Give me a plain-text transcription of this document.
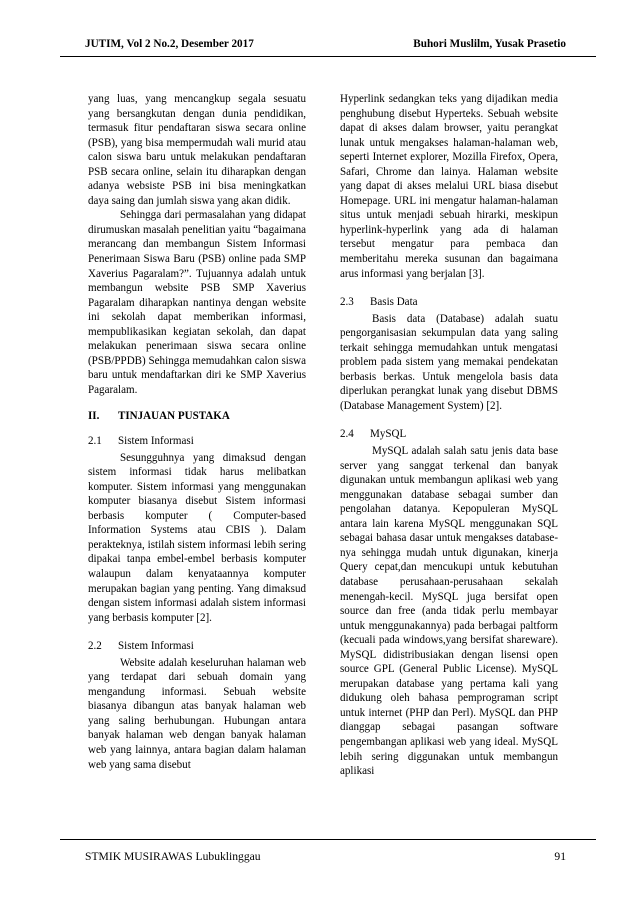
JUTIM, Vol 2 No.2, Desember 2017	Buhori Muslilm, Yusak Prasetio

yang luas, yang mencangkup segala sesuatu yang bersangkutan dengan dunia pendidikan, termasuk fitur pendaftaran siswa secara online (PSB), yang bisa mempermudah wali murid atau calon siswa baru untuk melakukan pendaftaran PSB secara online, selain itu diharapkan dengan adanya websiste PSB ini bisa meningkatkan daya saing dan jumlah siswa yang akan didik.

Sehingga dari permasalahan yang didapat dirumuskan masalah penelitian yaitu “bagaimana merancang dan membangun Sistem Informasi Penerimaan Siswa Baru (PSB) online pada SMP Xaverius Pagaralam?”. Tujuannya adalah untuk membangun website PSB SMP Xaverius Pagaralam diharapkan nantinya dengan website ini sekolah dapat memberikan informasi, mempublikasikan kegiatan sekolah, dan dapat melakukan penerimaan siswa secara online (PSB/PPDB) Sehingga memudahkan calon siswa baru untuk mendaftarkan diri ke SMP Xaverius Pagaralam.

II.	TINJAUAN PUSTAKA
2.1	Sistem Informasi

Sesungguhnya yang dimaksud dengan sistem informasi tidak harus melibatkan komputer. Sistem informasi yang menggunakan komputer biasanya disebut Sistem informasi berbasis komputer ( Computer-based Information Systems atau CBIS ). Dalam perakteknya, istilah sistem informasi lebih sering dipakai tanpa embel-embel berbasis komputer walaupun dalam kenyataannya komputer merupakan bagian yang penting. Yang dimaksud dengan sistem informasi adalah sistem informasi yang berbasis komputer [2].

2.2	Sistem Informasi

Website adalah keseluruhan halaman web yang terdapat dari sebuah domain yang mengandung informasi. Sebuah website biasanya dibangun atas banyak halaman web yang saling berhubungan. Hubungan antara banyak halaman web dengan banyak halaman web yang lainnya, antara bagian dalam halaman web yang sama disebut

Hyperlink sedangkan teks yang dijadikan media penghubung disebut Hyperteks. Sebuah website dapat di akses dalam browser, yaitu perangkat lunak untuk mengakses halaman-halaman web, seperti Internet explorer, Mozilla Firefox, Opera, Safari, Chrome dan lainya. Halaman website yang dapat di akses melalui URL biasa disebut Homepage. URL ini mengatur halaman-halaman situs untuk menjadi sebuah hirarki, meskipun hyperlink-hyperlink yang ada di halaman tersebut mengatur para pembaca dan memberitahu mereka susunan dan bagaimana arus informasi yang berjalan [3].

2.3	Basis Data

Basis data (Database) adalah suatu pengorganisasian sekumpulan data yang saling terkait sehingga memudahkan untuk mengatasi problem pada sistem yang memakai pendekatan berbasis berkas. Untuk mengelola basis data diperlukan perangkat lunak yang disebut DBMS (Database Management System) [2].

2.4	MySQL

MySQL adalah salah satu jenis data base server yang sanggat terkenal dan banyak digunakan untuk membangun aplikasi web yang menggunakan database sebagai sumber dan pengolahan datanya. Kepopuleran MySQL antara lain karena MySQL menggunakan SQL sebagai bahasa dasar untuk mengakses database-nya sehingga mudah untuk digunakan, kinerja Query cepat,dan mencukupi untuk kebutuhan database perusahaan-perusahaan sekalah menengah-kecil. MySQL juga bersifat open source dan free (anda tidak perlu membayar untuk menggunakannya) pada berbagai paltform (kecuali pada windows,yang bersifat shareware). MySQL didistribusiakan dengan lisensi open source GPL (General Public License). MySQL merupakan database yang pertama kali yang didukung oleh bahasa pemprograman script untuk internet (PHP dan Perl). MySQL dan PHP dianggap sebagai pasangan software pengembangan aplikasi web yang ideal. MySQL lebih sering diggunakan untuk membangun aplikasi

STMIK MUSIRAWAS Lubuklinggau	91
